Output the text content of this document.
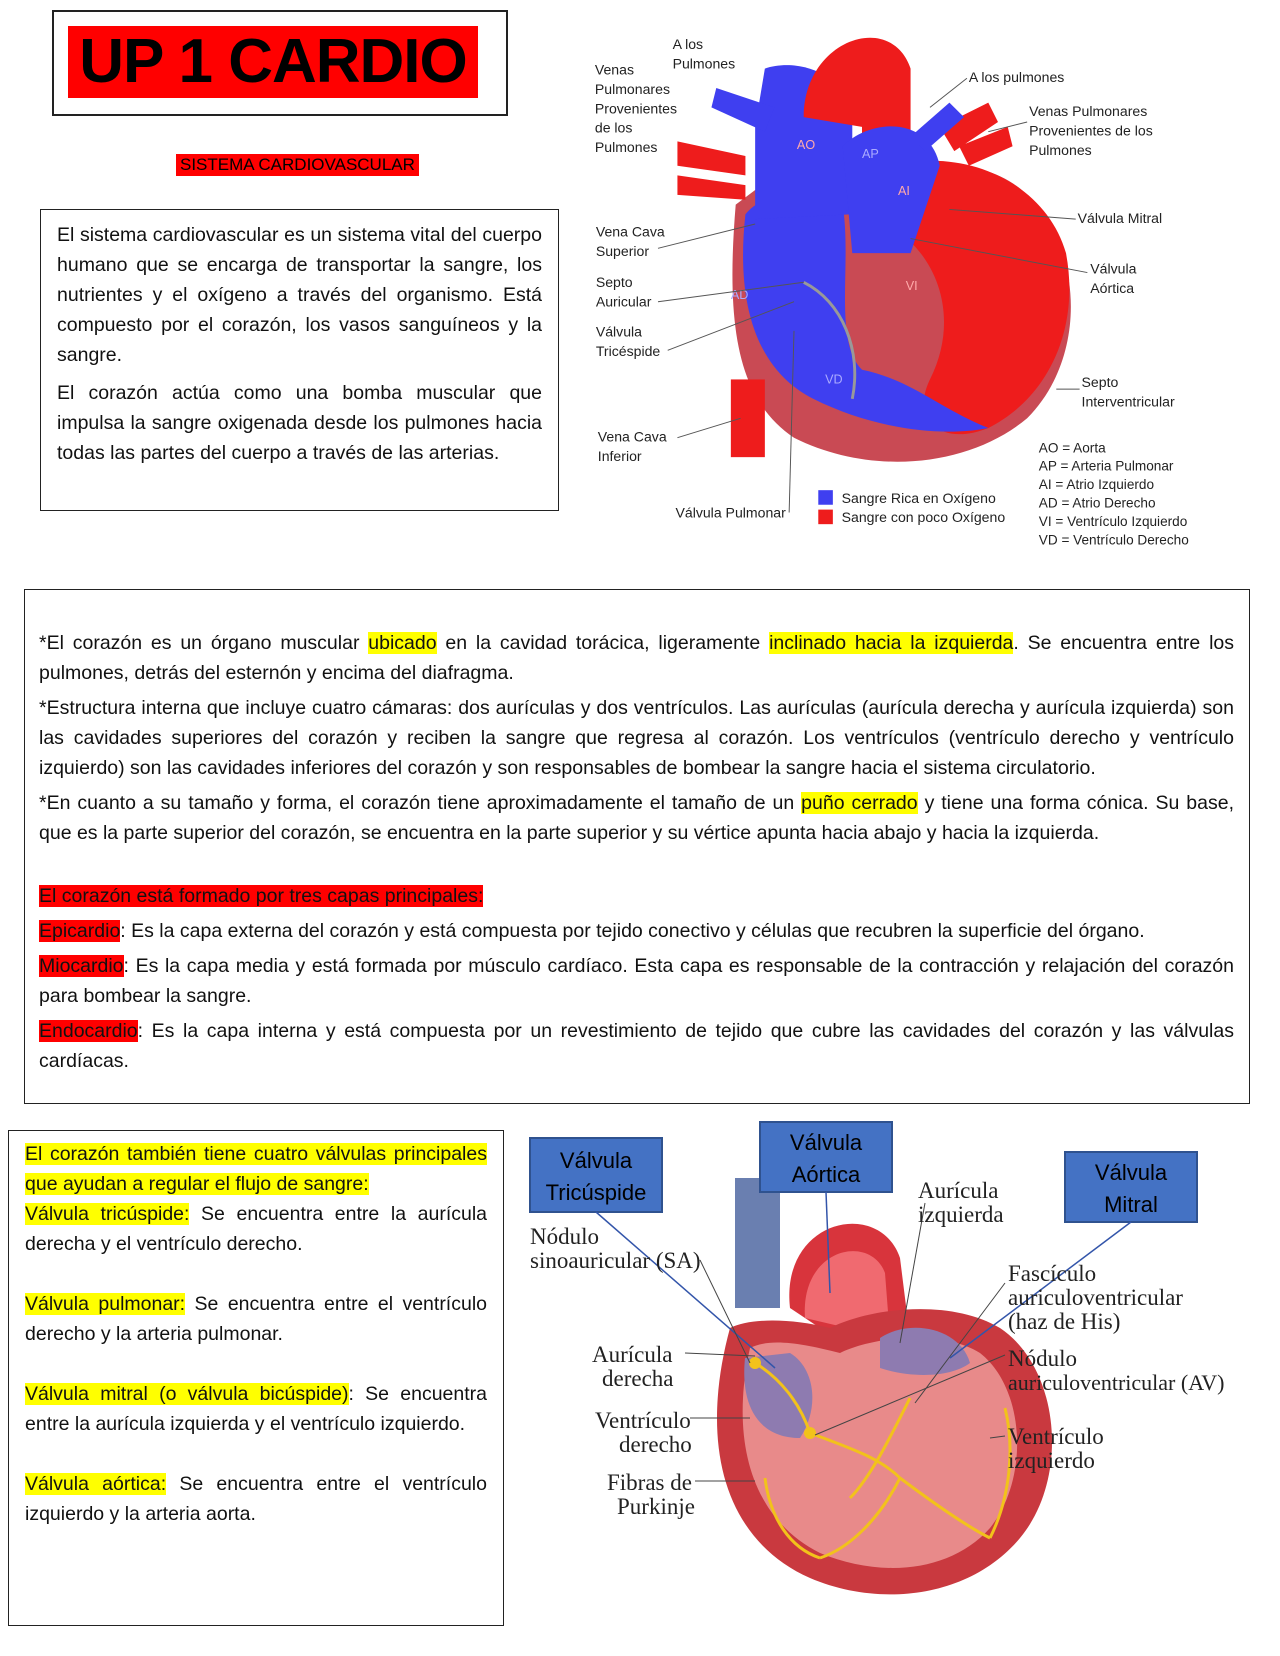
UP 1 CARDIO
SISTEMA CARDIOVASCULAR

El sistema cardiovascular es un sistema vital del cuerpo humano que se encarga de transportar la sangre, los nutrientes y el oxígeno a través del organismo. Está compuesto por el corazón, los vasos sanguíneos y la sangre.

El corazón actúa como una bomba muscular que impulsa la sangre oxigenada desde los pulmones hacia todas las partes del cuerpo a través de las arterias.

AO
AP
AI
AD
VI
VD
A los
Pulmones
Venas
Pulmonares
Provenientes
de los
Pulmones
Vena Cava
Superior
Septo
Auricular
Válvula
Tricéspide
Vena Cava
Inferior
Válvula Pulmonar
A los pulmones
Venas Pulmonares
Provenientes de los
Pulmones
Válvula Mitral
Válvula
Aórtica
Septo
Interventricular
Sangre Rica en Oxígeno
Sangre con poco Oxígeno
AO = Aorta
AP = Arteria Pulmonar
AI = Atrio Izquierdo
AD = Atrio Derecho
VI = Ventrículo Izquierdo
VD = Ventrículo Derecho

*El corazón es un órgano muscular ubicado en la cavidad torácica, ligeramente inclinado hacia la izquierda. Se encuentra entre los pulmones, detrás del esternón y encima del diafragma.

*Estructura interna que incluye cuatro cámaras: dos aurículas y dos ventrículos. Las aurículas (aurícula derecha y aurícula izquierda) son las cavidades superiores del corazón y reciben la sangre que regresa al corazón. Los ventrículos (ventrículo derecho y ventrículo izquierdo) son las cavidades inferiores del corazón y son responsables de bombear la sangre hacia el sistema circulatorio.

*En cuanto a su tamaño y forma, el corazón tiene aproximadamente el tamaño de un puño cerrado y tiene una forma cónica. Su base, que es la parte superior del corazón, se encuentra en la parte superior y su vértice apunta hacia abajo y hacia la izquierda.

El corazón está formado por tres capas principales:

Epicardio: Es la capa externa del corazón y está compuesta por tejido conectivo y células que recubren la superficie del órgano.

Miocardio: Es la capa media y está formada por músculo cardíaco. Esta capa es responsable de la contracción y relajación del corazón para bombear la sangre.

Endocardio: Es la capa interna y está compuesta por un revestimiento de tejido que cubre las cavidades del corazón y las válvulas cardíacas.

El corazón también tiene cuatro válvulas principales que ayudan a regular el flujo de sangre:

Válvula tricúspide: Se encuentra entre la aurícula derecha y el ventrículo derecho.

Válvula pulmonar: Se encuentra entre el ventrículo derecho y la arteria pulmonar.

Válvula mitral (o válvula bicúspide): Se encuentra entre la aurícula izquierda y el ventrículo izquierdo.

Válvula aórtica: Se encuentra entre el ventrículo izquierdo y la arteria aorta.

Válvula
Tricúspide
Válvula
Aórtica	Válvula
Mitral
Nódulo
sinoauricular (SA)
Aurícula
izquierda
Fascículo
auriculoventricular
(haz de His)
Aurícula
derecha
Nódulo
auriculoventricular (AV)
Ventrículo
derecho	Ventrículo
izquierdo
Fibras de
Purkinje
